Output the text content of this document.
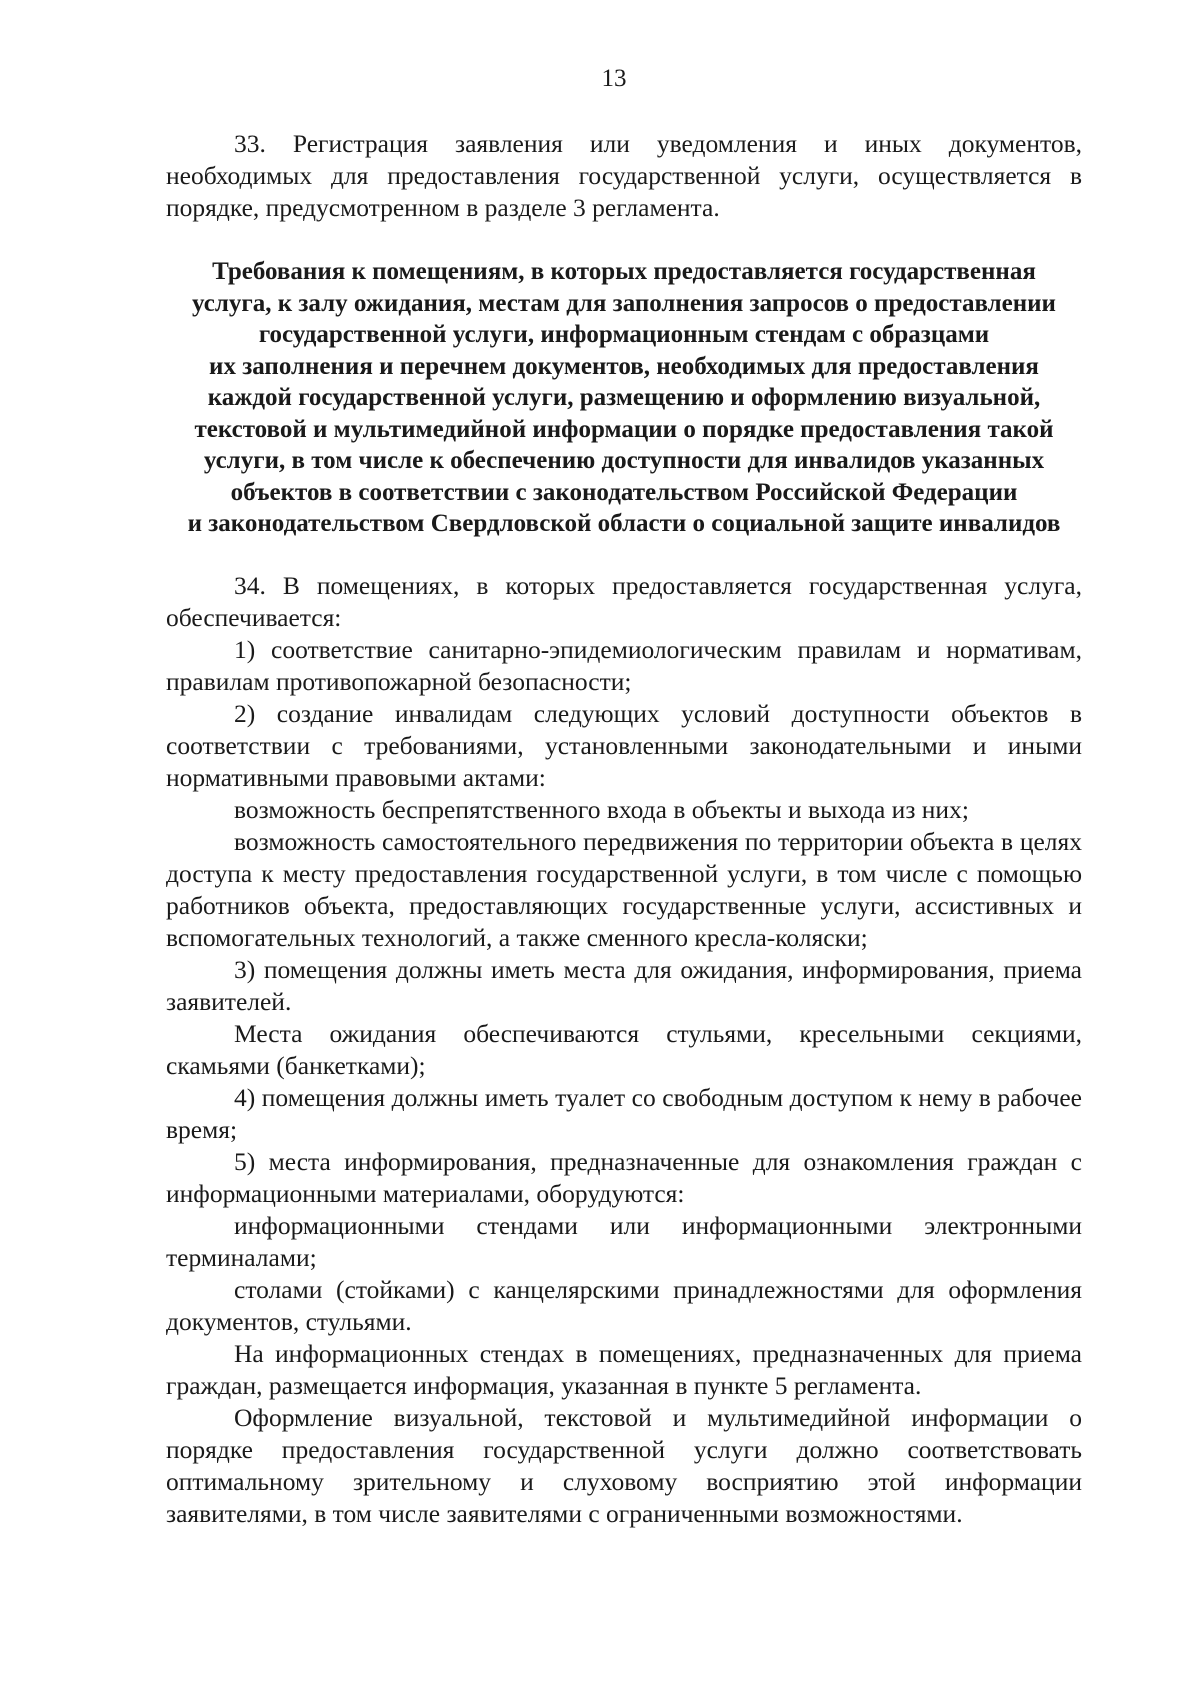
13

33. Регистрация заявления или уведомления и иных документов, необходимых для предоставления государственной услуги, осуществляется в порядке, предусмотренном в разделе 3 регламента.

Требования к помещениям, в которых предоставляется государственная
услуга, к залу ожидания, местам для заполнения запросов о предоставлении
государственной услуги, информационным стендам с образцами
их заполнения и перечнем документов, необходимых для предоставления
каждой государственной услуги, размещению и оформлению визуальной,
текстовой и мультимедийной информации о порядке предоставления такой
услуги, в том числе к обеспечению доступности для инвалидов указанных
объектов в соответствии с законодательством Российской Федерации
и законодательством Свердловской области о социальной защите инвалидов

34. В помещениях, в которых предоставляется государственная услуга, обеспечивается:

1) соответствие санитарно-эпидемиологическим правилам и нормативам, правилам противопожарной безопасности;

2) создание инвалидам следующих условий доступности объектов в соответствии с требованиями, установленными законодательными и иными нормативными правовыми актами:

возможность беспрепятственного входа в объекты и выхода из них;

возможность самостоятельного передвижения по территории объекта в целях доступа к месту предоставления государственной услуги, в том числе с помощью работников объекта, предоставляющих государственные услуги, ассистивных и вспомогательных технологий, а также сменного кресла-коляски;

3) помещения должны иметь места для ожидания, информирования, приема заявителей.

Места ожидания обеспечиваются стульями, кресельными секциями, скамьями (банкетками);

4) помещения должны иметь туалет со свободным доступом к нему в рабочее время;

5) места информирования, предназначенные для ознакомления граждан с информационными материалами, оборудуются:

информационными стендами или информационными электронными терминалами;

столами (стойками) с канцелярскими принадлежностями для оформления документов, стульями.

На информационных стендах в помещениях, предназначенных для приема граждан, размещается информация, указанная в пункте 5 регламента.

Оформление визуальной, текстовой и мультимедийной информации о порядке предоставления государственной услуги должно соответствовать оптимальному зрительному и слуховому восприятию этой информации заявителями, в том числе заявителями с ограниченными возможностями.
